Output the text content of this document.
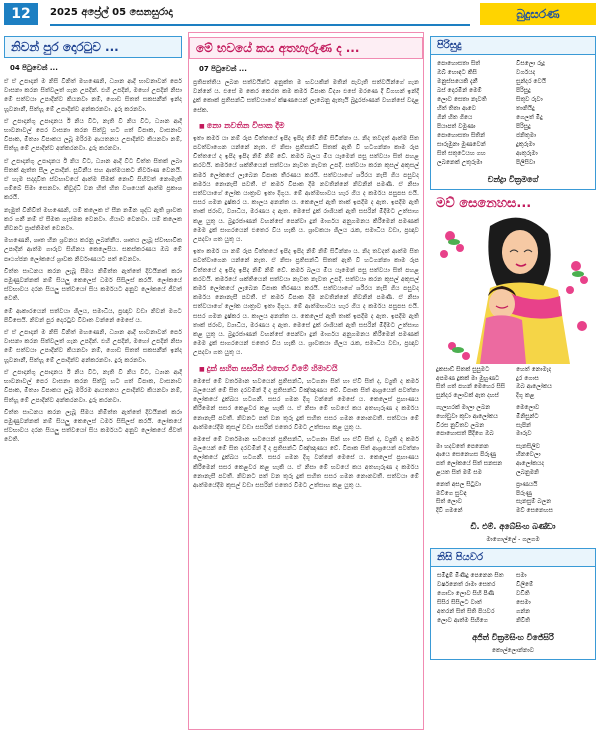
12	2025 අප්‍රේල් 05 සෙනසුරාදා	බුදුසරණ
නිවන් පුර දොරටුව ...
04 පිටුවෙන් ...

ඒ ඒ උපාදාන් ම නිසි විනිත් මහණෙනි, ධ්‍යාන ආදි භාවනාවන් පෙර් වාසනා කරන සිත්වලත් ගැන උපදින්. එහි උපදින්, මහෝ උපදින් නිසා මේ සත්වයා උපාදින්ව කියනවා නම්, ගොඩ සිතත් සකසනීන් ඉන්ද හූවනානී, සිත්හූ මේ උපාදින්ව අන්කරනවා. දුරු කරනවා.

ඒ උපාදාන්ගූ උපාදානය ඊ නිය වීට, නැති වී නිය වීට, ධ්‍යාන ආදි භාවනාවල් පෙර වාසනා කරන සිත්වූ හට ගත් විපාක, වාසනාව විපාක, මිත්‍යා විපාකය ලබූ මරිරම ආයතනය උපාදින්ව කියනවා නම්, සිත්හූ මේ උපාදින්ව අන්කරනවා. දුරු කරනවා.

ඒ උපාදාන්ගූ උපාදානය ඊ නිය වීට, ධ්‍යාන ආදි වීට චිත්ත සිතක් ලබා සිතක් ඇත්ත සීල උපාදින්. සුවිනීය සහ ආත්මයකට නිර්වාණ වෙනයි. ඒ හැම සදාදාවිත ස්වභාවයේ ආත්ම සීමක් නොවී සිහිවත් නොමැති ගම්බේ සිමා සෙනවා. කිවුද්ධි වන හිත් හිත වශයෙන් ආත්ම ප්‍රකාශ කරයි.

නැමුත් විනිවිත් මහණෙනි, යම් කලෙක ඒ සීන නමින ශුද්ධ ඇති ශ්‍රාවක කර ගනී නම් ඒ සීමක ගැස්මක වෙනවා. ගියාව වෙනවා. යම් කලෙක නිවනට ප්‍රාප්තිමත් වෙනවා.

මහණෙනි, ශ්‍රුත හීන ශ්‍රවනය කරනු ලබන්නීය. ශ්‍රුතය ලැබූ ස්වාභාවික උපාදින් ආත්ම ගාරුව සිහිනය කෙලෙසිය. සකස්කරණය ඔබ මේ පෘථග්ජන ලෝකයේ ශ්‍රාවක නිර්වාණයට පත් වෙනවා.

චිත්ත සාධනය කරන ලැබූ සීමය නිමිත්ත ඇත්තේ දිවයිනක් කරා පමුණුවන්නක් නම් සියලු කෙලෙස් ධර්ම සිසිලස් කරයි. ලෝකයේ ස්වභාවය දරන සියලු සත්වයෝ සිය කර්මයට අනුව ලෝකයේ ජීවත් වෙති.

මේ ආකාරයෙන් සත්වයා ශීලය, සමාධිය, ප්‍රඥාව වඩා නිවන් මගට පිවිසෙයි. නිවන් පුර දොරටුව විවෘත වන්නේ මෙසේ ය.

ඒ ඒ උපාදාන් ම නිසි විනිත් මහණෙනි, ධ්‍යාන ආදි භාවනාවන් පෙර් වාසනා කරන සිත්වලත් ගැන උපදින්. එහි උපදින්, මහෝ උපදින් නිසා මේ සත්වයා උපාදින්ව කියනවා නම්, ගොඩ සිතත් සකසනීන් ඉන්ද හූවනානී, සිත්හූ මේ උපාදින්ව අන්කරනවා. දුරු කරනවා.

ඒ උපාදාන්ගූ උපාදානය ඊ නිය වීට, නැති වී නිය වීට, ධ්‍යාන ආදි භාවනාවල් පෙර වාසනා කරන සිත්වූ හට ගත් විපාක, වාසනාව විපාක, මිත්‍යා විපාකය ලබූ මරිරම ආයතනය උපාදින්ව කියනවා නම්, සිත්හූ මේ උපාදින්ව අන්කරනවා. දුරු කරනවා.

චිත්ත සාධනය කරන ලැබූ සීමය නිමිත්ත ඇත්තේ දිවයිනක් කරා පමුණුවන්නක් නම් සියලු කෙලෙස් ධර්ම සිසිලස් කරයි. ලෝකයේ ස්වභාවය දරන සියලු සත්වයෝ සිය කර්මයට අනුව ලෝකයේ ජීවත් වෙති.

මේ භවයේ කය අතහැරුණ ද ...
07 පිටුවෙන් ...

ප්‍රතිපත්තිය ලබන සත්වයින්ට අනුක්ත ම භවයකින් මතින් පැවැති සත්වයින්ගේ ගැන වන්නේ ය. එසේ ම කෙර කෙරත කම කර්ම විපාක විද්‍යා එසේ මරණෙ දී වීගහන් ඉන්දී දුක් කොක් ප්‍රතිසන්ධි සත්වයාගේ ක්ෂණයෙන් ලැබෙනු ඇතැයි බුදුරජාණන් වහන්සේ වදාළ සේක.

■ නො නවතින විපාක දීම

ඉතා කර්ම යා නම් රූප චිත්තයේ ඉපිද ඉපිද නිම් නිම් සිටින්නා ය. නිද තවදත් ආත්ම සිත පවත්වාගෙන යන්නේ නැත. ඒ නිසා ප්‍රතිසන්ධි සිතක් ඇති වී හටගන්නා කාම රූප චිත්තයේ ද ඉපිද ඉපිද නිම් නිම් වේ. කර්ම බලය මිය යෑමෙන් පසු සත්වයා සිත් පහළ කරවයි. කර්මයේ ශක්තියෙන් සත්වයා නැවත නැවත උපදී. සත්වයා කරන කුසල් අකුසල් කර්ම ලෝකයේ ලැබෙන විපාක තීරණය කරයි. සත්වයාගේ ශරීරය නැසී ගිය පසුවද කර්මය නොනැසී පවතී. ඒ කර්ම විපාක දීම නවතින්නේ නිවනින් පමණි. ඒ නිසා සත්වයාගේ ලෝක යාත්‍රාව ඉතා දිගුය. මේ ආත්මභාවය හැර ගිය ද කර්මය පසුපස එයි. සසර ගමන දුෂ්කර ය. කාලය අනන්ත ය. කෙලෙස් ඇති තාක් ඉපදීම ද ඇත. ඉපදීම ඇති තාක් ජරාව, ව්‍යාධිය, මරණය ද ඇත. මෙසේ දුක් රාශියක් ඇති සසරින් මිදීමට උත්සාහ කළ යුතු ය. බුදුරජාණන් වහන්සේ පෙන්වා දුන් මාර්ගය අනුගමනය කිරීමෙන් පමණක් මෙම දුක් සාගරයෙන් එතෙර විය හැකි ය. ශ්‍රාවකයා ශීලය රැක, සමාධිය වඩා, ප්‍රඥාව උපදවා ගත යුතු ය.

ඉතා කර්ම යා නම් රූප චිත්තයේ ඉපිද ඉපිද නිම් නිම් සිටින්නා ය. නිද තවදත් ආත්ම සිත පවත්වාගෙන යන්නේ නැත. ඒ නිසා ප්‍රතිසන්ධි සිතක් ඇති වී හටගන්නා කාම රූප චිත්තයේ ද ඉපිද ඉපිද නිම් නිම් වේ. කර්ම බලය මිය යෑමෙන් පසු සත්වයා සිත් පහළ කරවයි. කර්මයේ ශක්තියෙන් සත්වයා නැවත නැවත උපදී. සත්වයා කරන කුසල් අකුසල් කර්ම ලෝකයේ ලැබෙන විපාක තීරණය කරයි. සත්වයාගේ ශරීරය නැසී ගිය පසුවද කර්මය නොනැසී පවතී. ඒ කර්ම විපාක දීම නවතින්නේ නිවනින් පමණි. ඒ නිසා සත්වයාගේ ලෝක යාත්‍රාව ඉතා දිගුය. මේ ආත්මභාවය හැර ගිය ද කර්මය පසුපස එයි. සසර ගමන දුෂ්කර ය. කාලය අනන්ත ය. කෙලෙස් ඇති තාක් ඉපදීම ද ඇත. ඉපදීම ඇති තාක් ජරාව, ව්‍යාධිය, මරණය ද ඇත. මෙසේ දුක් රාශියක් ඇති සසරින් මිදීමට උත්සාහ කළ යුතු ය. බුදුරජාණන් වහන්සේ පෙන්වා දුන් මාර්ගය අනුගමනය කිරීමෙන් පමණක් මෙම දුක් සාගරයෙන් එතෙර විය හැකි ය. ශ්‍රාවකයා ශීලය රැක, සමාධිය වඩා, ප්‍රඥාව උපදවා ගත යුතු ය.

■ දුක් සහිත සසරින් එතෙර වීමේ හිමාවයි

මෙසේ මේ වර්තමාන භවයෙන් ප්‍රතිසන්ධි, හටගනා සිත් හා ඒවී සිත් ද, ව්‍යුති ද කර්ම බලයෙන් මේ සිත දරවමින් දී ද ප්‍රතිසන්ධි විඤ්ඤාණය වේ. විපාක සිත් ආශ්‍රයෙන් පවත්නා ලෝකයේ දුක්ඛය හටගනී. සසර ගමන දිගු වන්නේ මෙසේ ය. කෙලෙස් ප්‍රහාණය කිරීමෙන් සසර කෙළවර කළ හැකි ය. ඒ නිසා මේ භවයේ කය අතහැරුණ ද කර්මය නොනැසී පවතී. නිවනට පත් වන තුරු දුක් සහිත සසර ගමන නොනවතී. සත්වයා මේ ආත්මයේදීම කුසල් වඩා සසරින් එතෙර වීමට උත්සාහ කළ යුතු ය.

මෙසේ මේ වර්තමාන භවයෙන් ප්‍රතිසන්ධි, හටගනා සිත් හා ඒවී සිත් ද, ව්‍යුති ද කර්ම බලයෙන් මේ සිත දරවමින් දී ද ප්‍රතිසන්ධි විඤ්ඤාණය වේ. විපාක සිත් ආශ්‍රයෙන් පවත්නා ලෝකයේ දුක්ඛය හටගනී. සසර ගමන දිගු වන්නේ මෙසේ ය. කෙලෙස් ප්‍රහාණය කිරීමෙන් සසර කෙළවර කළ හැකි ය. ඒ නිසා මේ භවයේ කය අතහැරුණ ද කර්මය නොනැසී පවතී. නිවනට පත් වන තුරු දුක් සහිත සසර ගමන නොනවතී. සත්වයා මේ ආත්මයේදීම කුසල් වඩා සසරින් එතෙර වීමට උත්සාහ කළ යුතු ය.

පිරිසුදු
පොහොසතා සිත්	විසලො රුදූ
ඔබ් හොඳට කිසි	වර්ගයද
මනුස්සයෙකි දැනී	සුන්දර වෙයි
බස් දොරමින් මෙම්	පිරිසුදු
ලොව සෙතා නැවති	සිතුව රුවා
හිත් තිතා ආවෙ	තානියිදු
ගින් හිත ගියෙ	ගෙලත් මිදු
පියාපත් වමුණා	පිරිසුදු
පොහොසතා සිතින්	ජනිතුමා
සාරුමුනා මුණවෙන්	දුකුරුමා
සිත් සතුටෙයහ ගහ	ආතුරුමා
ලබනෙක් උතුරුමා	පිලිසිවා
චන්ද්‍රා වික්‍රමගේ
මව් සෙනෙහස...
දුකසාඩ් සිතක් සුසුමට	හෙත් නොමැද
අපමණ දුකක් මා මුහුණට	දුර ගොස
සිත් ගත් පහන් මෙහෙර සිසි	ඔබ ආලෝකය
සුන්දර ලොවක් ඇත දහස්	දිගු කළ
ගැලහරක් මාලා ලබන	මෙලොව
හෝඩුවා කුඩා ආලෝකය	මිනිසුන්ට
විරස නුවිතව ලබන	සැපින්
පොහොසත් පීදිගෙ ඔබ	මාරුව
මා හදවතේ පෙනෙන	සැනසිලිව
ආයෙ සෙනෙහස පිරුණු	හීනවෙලා
පත් ලෝකයේ සිත් සනසන	ආලෝකයද
ළයත සිත් මම් සම	ලබනුමනි
නෙත් අසල සිටුවා	ප්‍රාණයයි
මව්ගෙ සුවඳ	පිරුණු
සිත් ලොව	සැනසුම් බලන
දිවි ගමනේ	මව් සෙනෙහස
ඩී. එම්. අබේසිංහ බණ්ඩා
මාගොල්ලේ - ගලගම
නිසි පියවර
සමිඳුම් මිණිදු පෙනෙන සිත	සමා
වර්ෂනෙත් රාමා සෙතර	විලිමේ
ගොඩා ලොව සිහි පිණි	වඩිති
සිසිර සිසිලට වාත්	සෙමා
අතරන් සිත් සිති පියවර	ගන්න
ලොව ආත්ම සිහිගෙ	නිවිති
අජිත් වික්‍රමසිංහ විජේසිරි
කොල්ලොන්නාව
